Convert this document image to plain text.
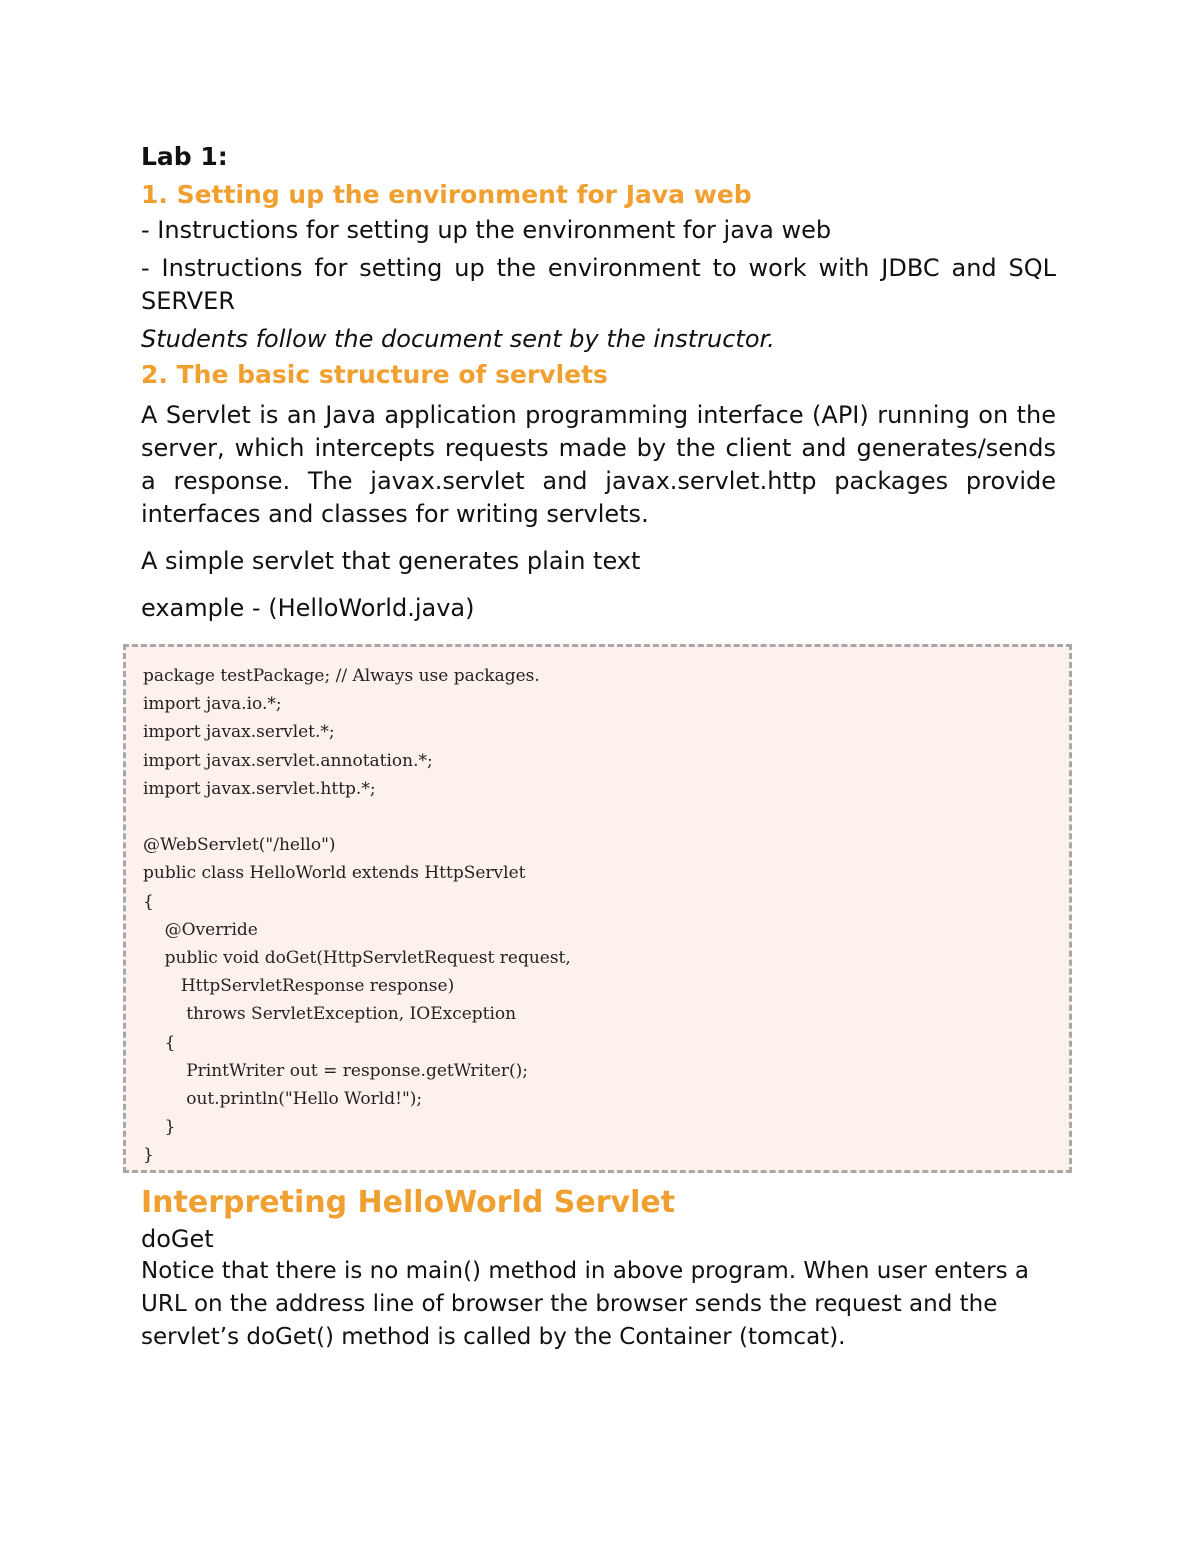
Lab 1:

1. Setting up the environment for Java web

- Instructions for setting up the environment for java web

- Instructions for setting up the environment to work with JDBC and SQL SERVER

Students follow the document sent by the instructor.

2. The basic structure of servlets

A Servlet is an Java application programming interface (API) running on the server, which intercepts requests made by the client and generates/sends a response. The javax.servlet and javax.servlet.http packages provide interfaces and classes for writing servlets.

A simple servlet that generates plain text

example - (HelloWorld.java)

package testPackage; // Always use packages.
import java.io.*;
import javax.servlet.*;
import javax.servlet.annotation.*;
import javax.servlet.http.*;

@WebServlet("/hello")
public class HelloWorld extends HttpServlet
{
@Override
public void doGet(HttpServletRequest request,
HttpServletResponse response)
throws ServletException, IOException
{
PrintWriter out = response.getWriter();
out.println("Hello World!");
}
}

Interpreting HelloWorld Servlet

doGet

Notice that there is no main() method in above program. When user enters a URL on the address line of browser the browser sends the request and the servlet’s doGet() method is called by the Container (tomcat).
